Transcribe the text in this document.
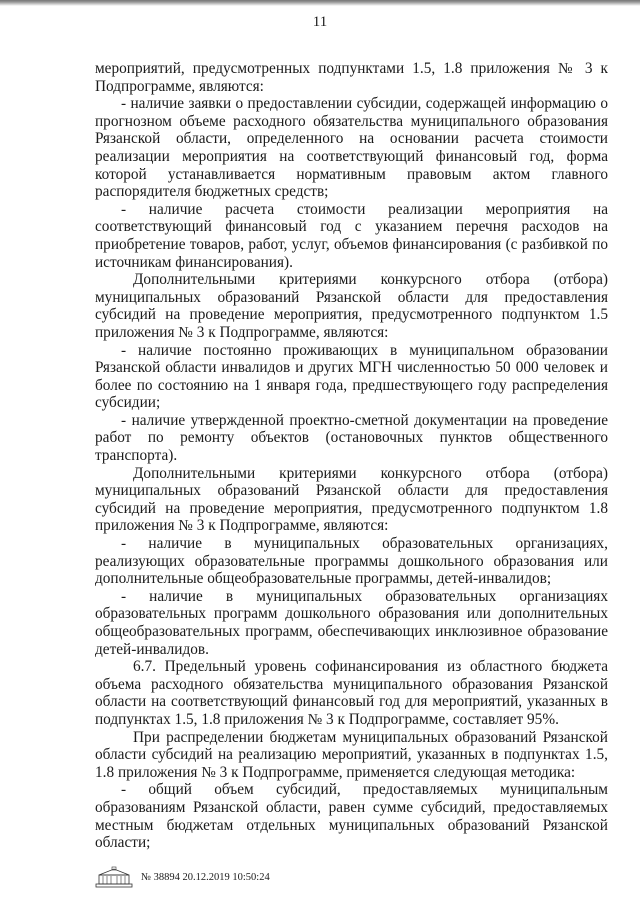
11

мероприятий, предусмотренных подпунктами 1.5, 1.8 приложения № 3 к Подпрограмме, являются:

- наличие заявки о предоставлении субсидии, содержащей информацию о прогнозном объеме расходного обязательства муниципального образования Рязанской области, определенного на основании расчета стоимости реализации мероприятия на соответствующий финансовый год, форма которой устанавливается нормативным правовым актом главного распорядителя бюджетных средств;

- наличие расчета стоимости реализации мероприятия на соответствующий финансовый год с указанием перечня расходов на приобретение товаров, работ, услуг, объемов финансирования (с разбивкой по источникам финансирования).

Дополнительными критериями конкурсного отбора (отбора) муниципальных образований Рязанской области для предоставления субсидий на проведение мероприятия, предусмотренного подпунктом 1.5 приложения № 3 к Подпрограмме, являются:

- наличие постоянно проживающих в муниципальном образовании Рязанской области инвалидов и других МГН численностью 50 000 человек и более по состоянию на 1 января года, предшествующего году распределения субсидии;

- наличие утвержденной проектно-сметной документации на проведение работ по ремонту объектов (остановочных пунктов общественного транспорта).

Дополнительными критериями конкурсного отбора (отбора) муниципальных образований Рязанской области для предоставления субсидий на проведение мероприятия, предусмотренного подпунктом 1.8 приложения № 3 к Подпрограмме, являются:

- наличие в муниципальных образовательных организациях, реализующих образовательные программы дошкольного образования или дополнительные общеобразовательные программы, детей-инвалидов;

- наличие в муниципальных образовательных организациях образовательных программ дошкольного образования или дополнительных общеобразовательных программ, обеспечивающих инклюзивное образование детей-инвалидов.

6.7. Предельный уровень софинансирования из областного бюджета объема расходного обязательства муниципального образования Рязанской области на соответствующий финансовый год для мероприятий, указанных в подпунктах 1.5, 1.8 приложения № 3 к Подпрограмме, составляет 95%.

При распределении бюджетам муниципальных образований Рязанской области субсидий на реализацию мероприятий, указанных в подпунктах 1.5, 1.8 приложения № 3 к Подпрограмме, применяется следующая методика:

- общий объем субсидий, предоставляемых муниципальным образованиям Рязанской области, равен сумме субсидий, предоставляемых местным бюджетам отдельных муниципальных образований Рязанской области;

№ 38894 20.12.2019 10:50:24
